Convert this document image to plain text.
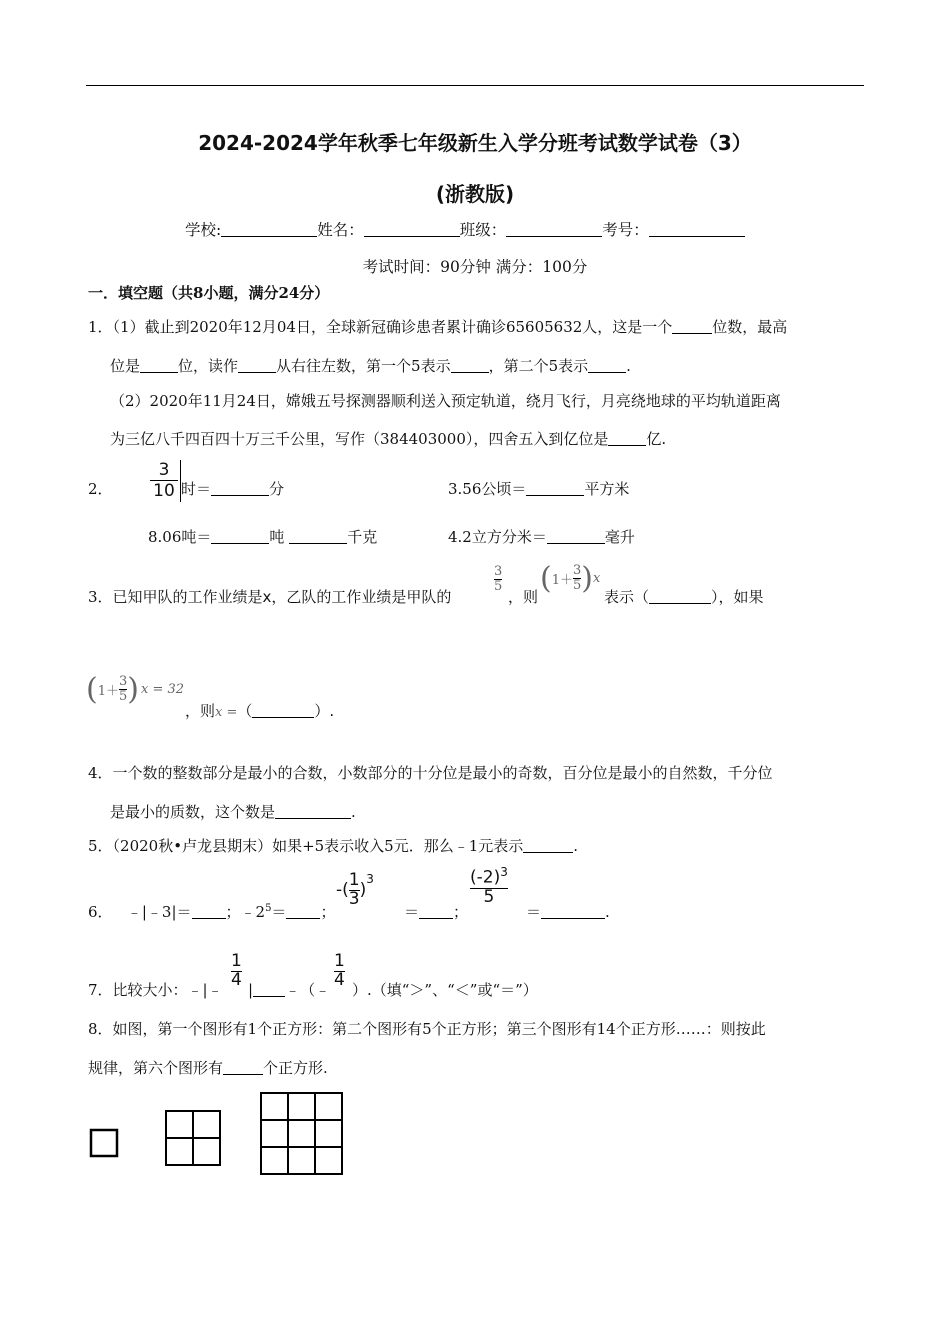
2024-2024学年秋季七年级新生入学分班考试数学试卷（3）
(浙教版)
学校:	姓名：	班级：	考号：
考试时间：90分钟 满分：100分
一．填空题（共8小题，满分24分）
1．（1）截止到2020年12月04日，全球新冠确诊患者累计确诊65605632人，这是一个	位数，最高
位是	位，读作	从右往左数，第一个5表示	，第二个5表示	.
（2）2020年11月24日，嫦娥五号探测器顺利送入预定轨道，绕月飞行，月亮绕地球的平均轨道距离
为三亿八千四百四十万三千公里，写作（384403000），四舍五入到亿位是	亿.
2．
3
10 时＝	分	3.56公顷＝	平方米
8.06吨＝	吨	千克	4.2立方分米＝	毫升
3．已知甲队的工作业绩是x，乙队的工作业绩是甲队的
$\frac{3}{5}$
，则
( $1+ \frac{3}{5}$ ) x
表示（	），如果
( $1+ \frac{3}{5}$ ) x = 32
，则x =（	）.
4．一个数的整数部分是最小的合数，小数部分的十分位是最小的奇数，百分位是最小的自然数，千分位
是最小的质数，这个数是	.
5．（2020秋•卢龙县期末）如果+5表示收入5元．那么﹣1元表示	.
6． ﹣|﹣3|＝ ；$﹣2^5=$ ；
-( $\frac{1}{3}$ )
$^3$
＝ ；
$\frac{(-2)^3}{5}$
＝	.
7．比较大小：﹣|﹣
$\frac{1}{4}$
| ﹣（﹣
$\frac{1}{4}$
）.（填“＞”、“＜”或“＝”）
8．如图，第一个图形有1个正方形：第二个图形有5个正方形；第三个图形有14个正方形……：则按此
规律，第六个图形有	个正方形.
